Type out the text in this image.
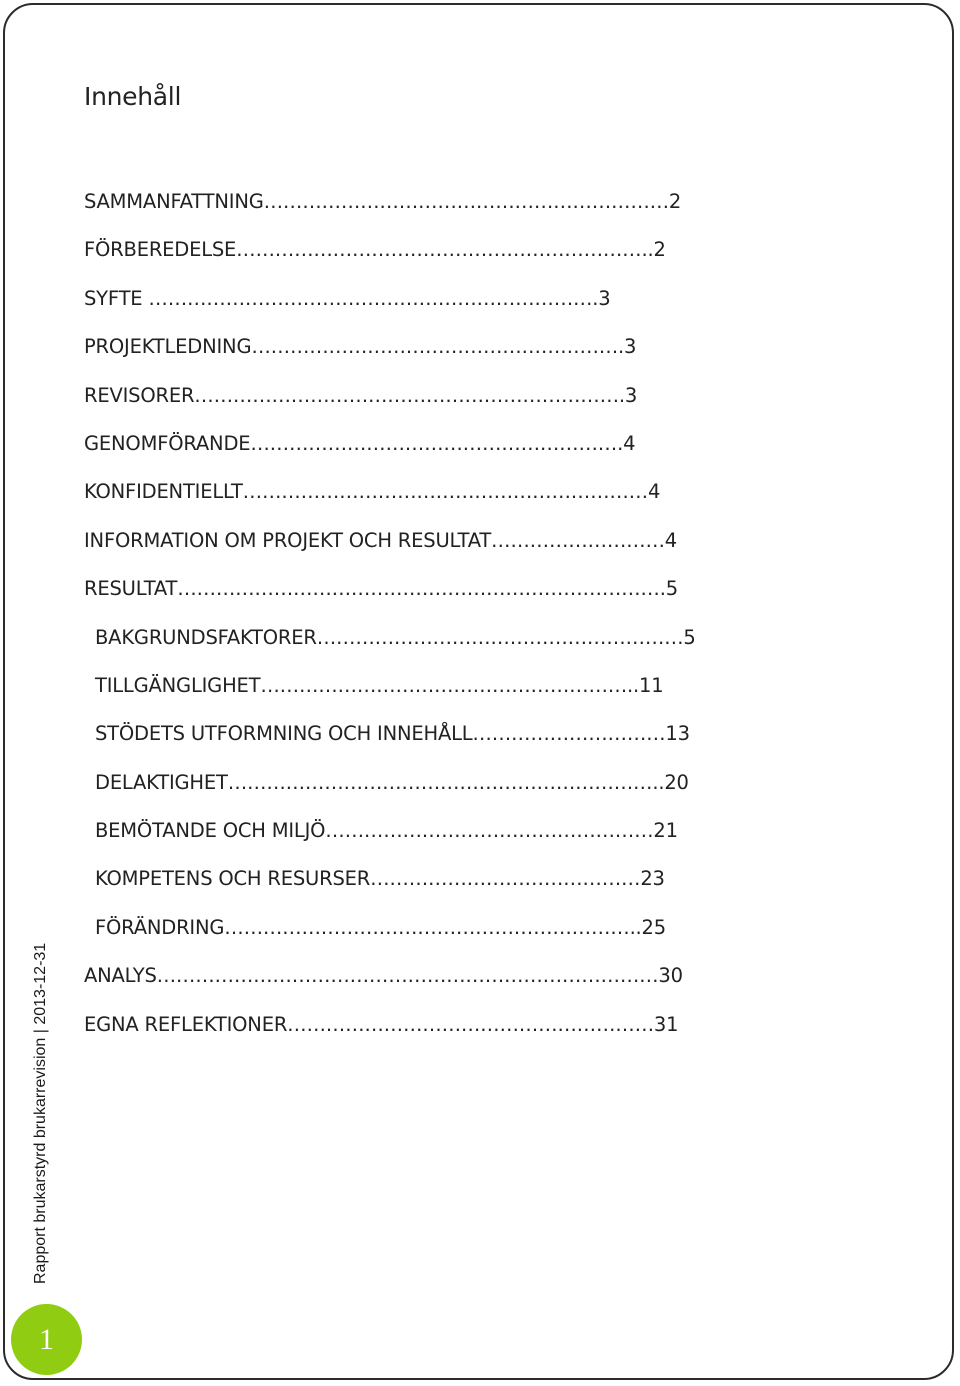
Innehåll
SAMMANFATTNING………………………………………………………2
FÖRBEREDELSE………………………………………………………..2
SYFTE …………………………………………………………….3
PROJEKTLEDNING………………………………………………….3
REVISORER………………………………………………………….3
GENOMFÖRANDE………………………………………………….4
KONFIDENTIELLT………………………………………………………4
INFORMATION OM PROJEKT OCH RESULTAT………………………4
RESULTAT………………………………………………………………….5
BAKGRUNDSFAKTORER…………………………………………………5
TILLGÄNGLIGHET…………………………………………………..11
STÖDETS UTFORMNING OCH INNEHÅLL…………………………13
DELAKTIGHET…………………………………………………………..20
BEMÖTANDE OCH MILJÖ……………………………………………21
KOMPETENS OCH RESURSER……………………………………23
FÖRÄNDRING………………………………………………………..25
ANALYS……………………………………………………………………30
EGNA REFLEKTIONER…………………………………………………31
Rapport brukarstyrd brukarrevision | 2013-12-31
1
